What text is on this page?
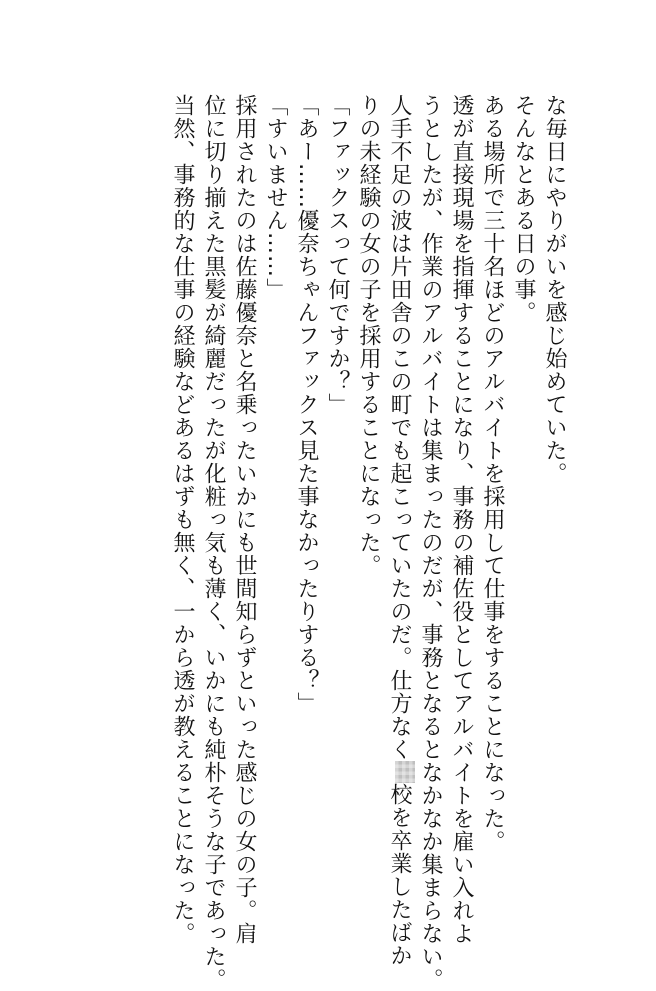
な毎日にやりがいを感じ始めていた。
そんなとある日の事。
ある場所で三十名ほどのアルバイトを採用して仕事をすることになった。
透が直接現場を指揮することになり、事務の補佐役としてアルバイトを雇い入れよ
うとしたが、作業のアルバイトは集まったのだが、事務となるとなかなか集まらない。
人手不足の波は片田舎のこの町でも起こっていたのだ。仕方なく校を卒業したばか
りの未経験の女の子を採用することになった。
「ファックスって何ですか？」
「あー……優奈ちゃんファックス見た事なかったりする？」
「すいません……」
採用されたのは佐藤優奈と名乗ったいかにも世間知らずといった感じの女の子。肩
位に切り揃えた黒髪が綺麗だったが化粧っ気も薄く、いかにも純朴そうな子であった。
当然、事務的な仕事の経験などあるはずも無く、一から透が教えることになった。
